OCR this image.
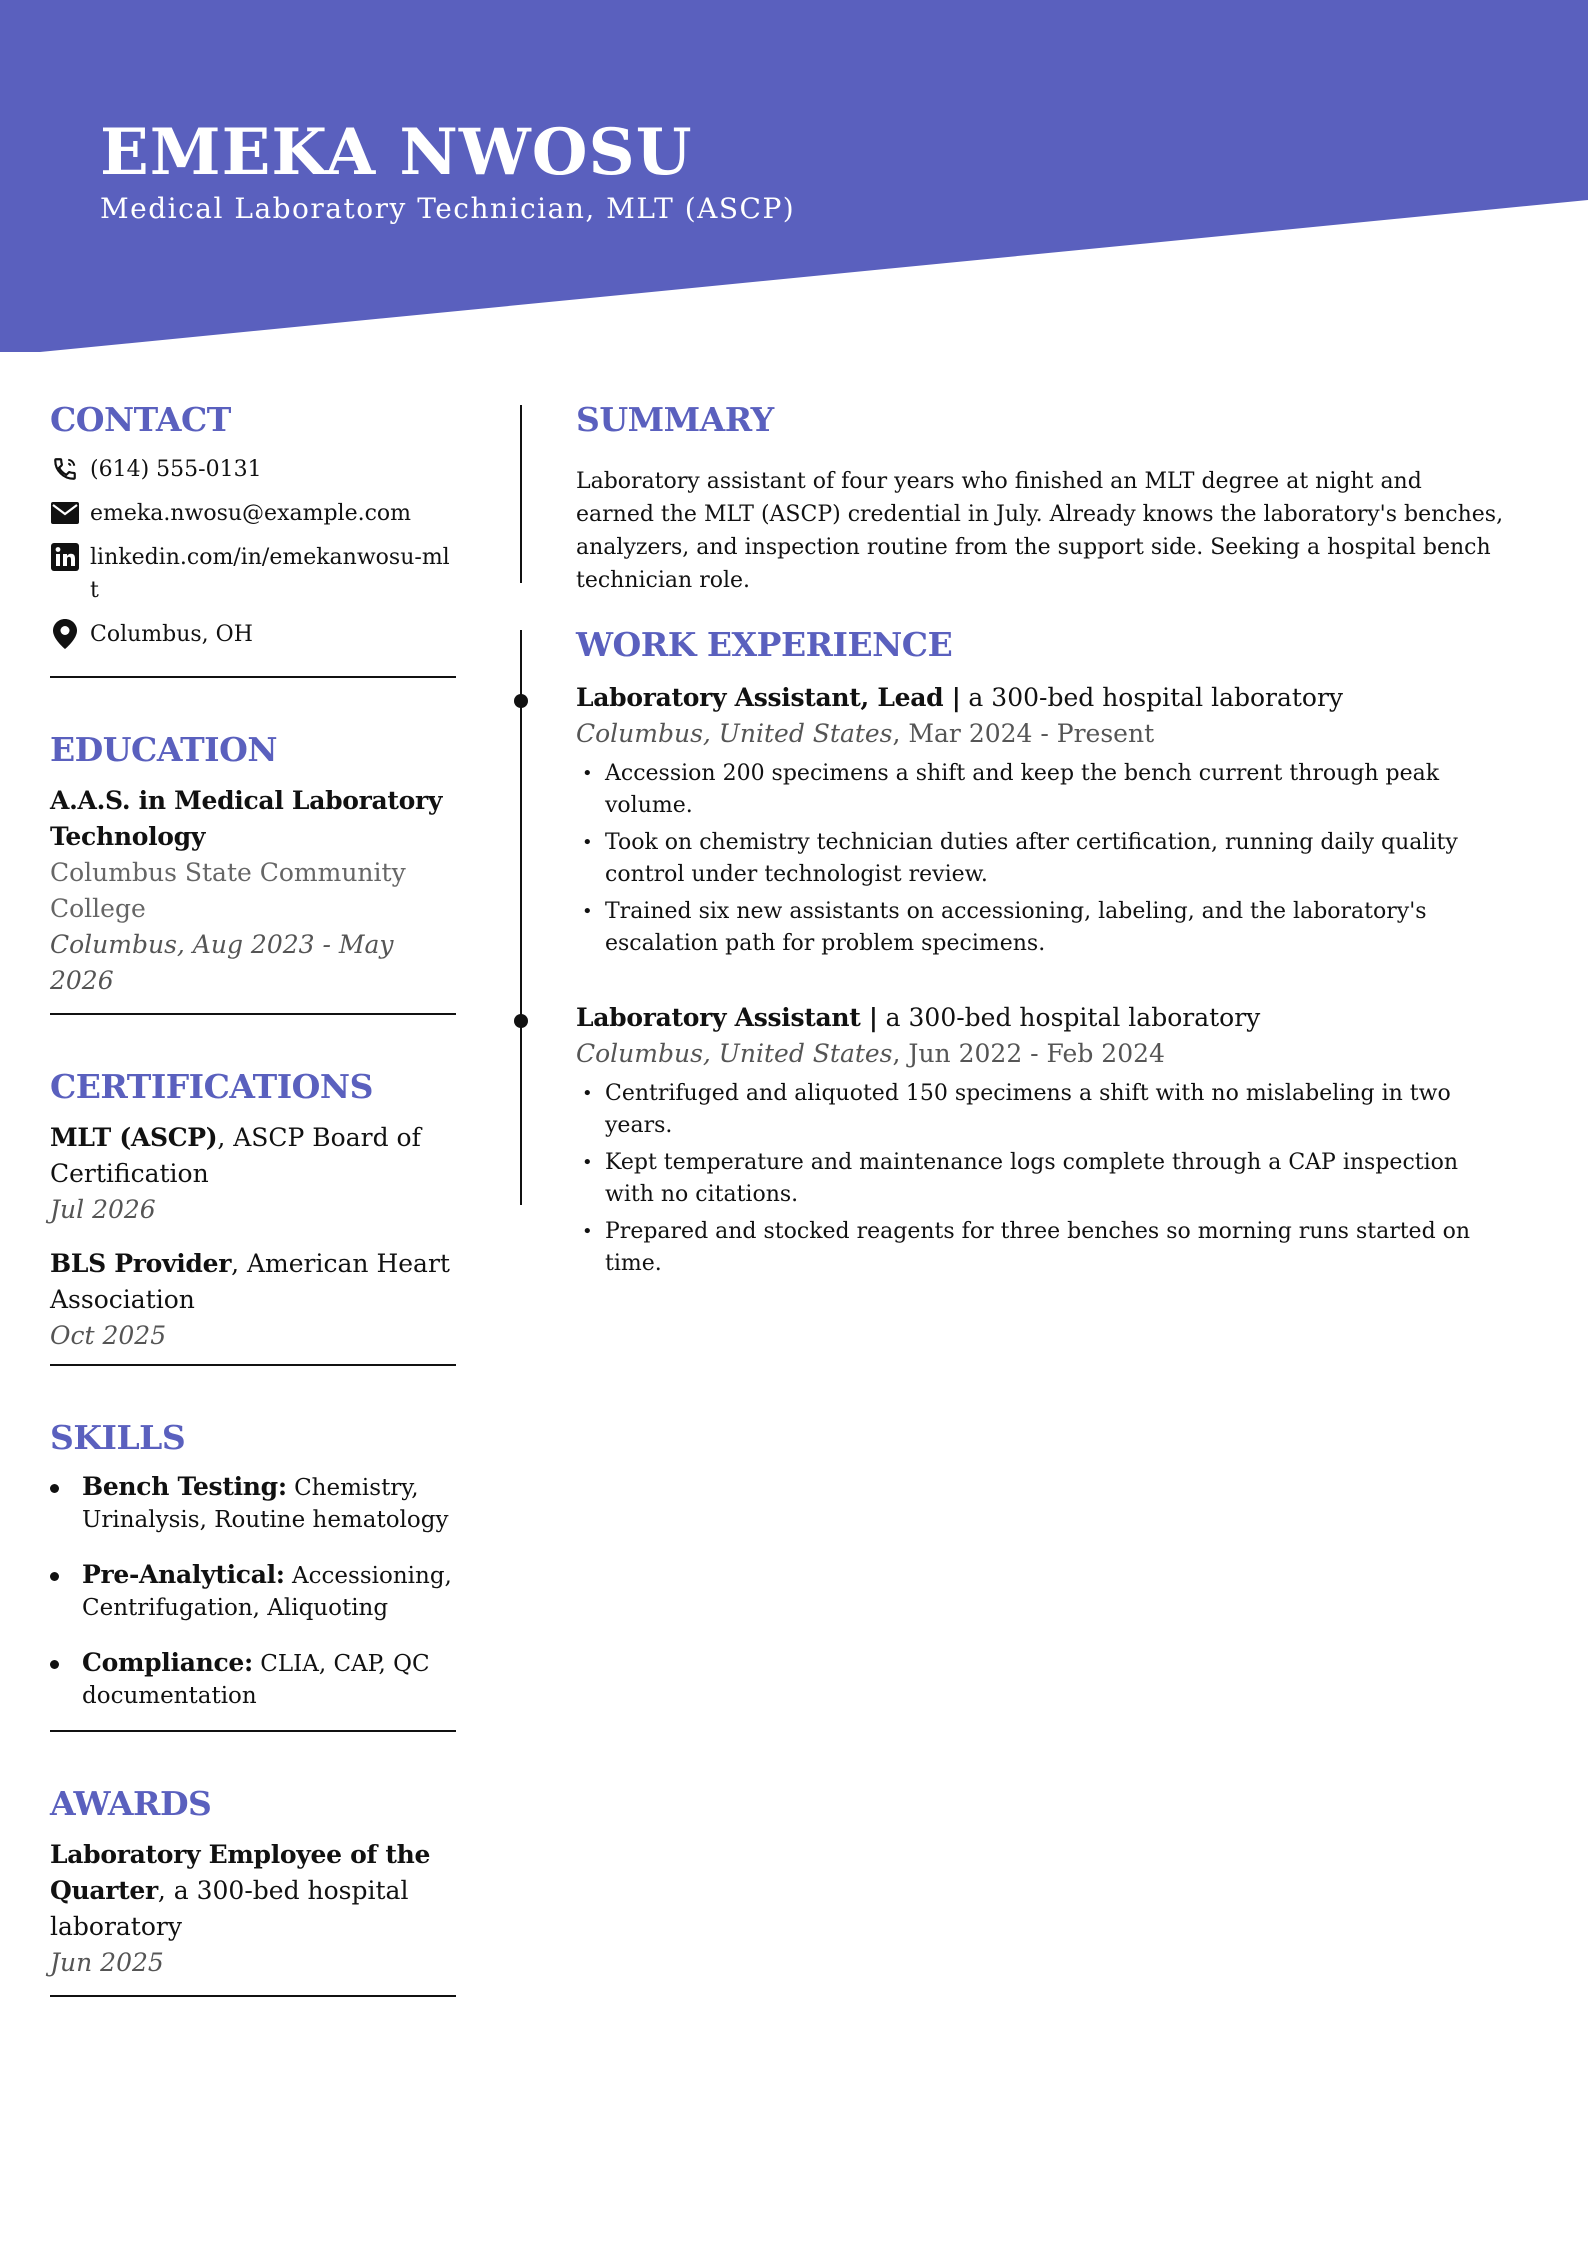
EMEKA NWOSU

Medical Laboratory Technician, MLT (ASCP)

CONTACT
(614) 555-0131
emeka.nwosu@example.com
linkedin.com/in/emekanwosu-mlt
Columbus, OH
EDUCATION
A.A.S. in Medical Laboratory Technology
Columbus State Community College
Columbus, Aug 2023 - May 2026
CERTIFICATIONS
MLT (ASCP), ASCP Board of Certification
Jul 2026
BLS Provider, American Heart Association
Oct 2025
SKILLS
Bench Testing: Chemistry, Urinalysis, Routine hematology
Pre-Analytical: Accessioning, Centrifugation, Aliquoting
Compliance: CLIA, CAP, QC documentation
AWARDS
Laboratory Employee of the Quarter, a 300-bed hospital laboratory
Jun 2025
SUMMARY

Laboratory assistant of four years who finished an MLT degree at night and earned the MLT (ASCP) credential in July. Already knows the laboratory's benches, analyzers, and inspection routine from the support side. Seeking a hospital bench technician role.

WORK EXPERIENCE
Laboratory Assistant, Lead | a 300-bed hospital laboratory
Columbus, United States, Mar 2024 - Present
• Accession 200 specimens a shift and keep the bench current through peak volume.
• Took on chemistry technician duties after certification, running daily quality control under technologist review.
• Trained six new assistants on accessioning, labeling, and the laboratory's escalation path for problem specimens.
Laboratory Assistant | a 300-bed hospital laboratory
Columbus, United States, Jun 2022 - Feb 2024
• Centrifuged and aliquoted 150 specimens a shift with no mislabeling in two years.
• Kept temperature and maintenance logs complete through a CAP inspection with no citations.
• Prepared and stocked reagents for three benches so morning runs started on time.
